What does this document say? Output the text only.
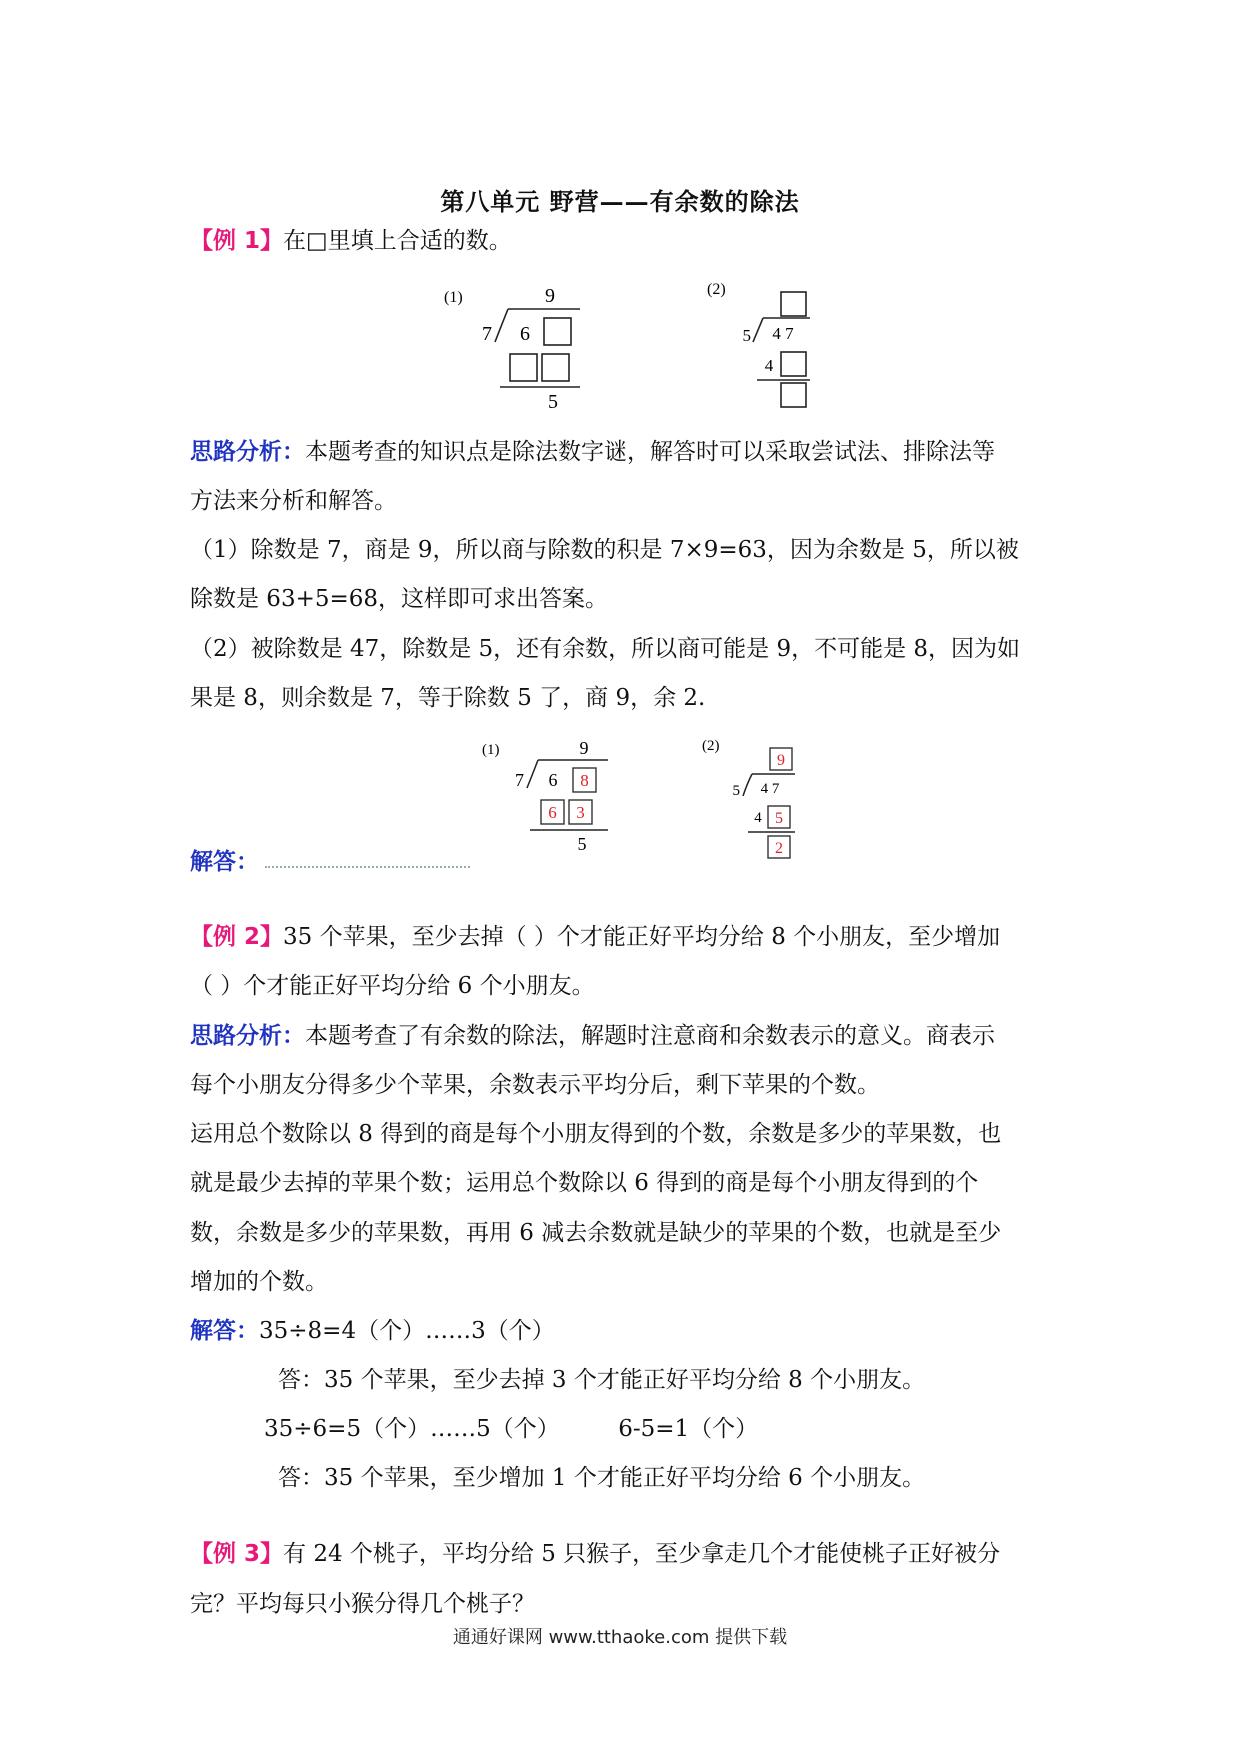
第八单元 野营——有余数的除法
【例 1】在□里填上合适的数。
(1)	9
7 6
5
(2)
5 4 7
4
思路分析：本题考查的知识点是除法数字谜，解答时可以采取尝试法、排除法等
方法来分析和解答。
（1）除数是 7，商是 9，所以商与除数的积是 7×9=63，因为余数是 5，所以被
除数是 63+5=68，这样即可求出答案。
（2）被除数是 47，除数是 5，还有余数，所以商可能是 9，不可能是 8，因为如
果是 8，则余数是 7，等于除数 5 了，商 9，余 2.
(1)	9
7 6 8
6 3
5
(2)
9
5 4 7
4 5
2
解答：
【例 2】35 个苹果，至少去掉（ ）个才能正好平均分给 8 个小朋友，至少增加
（ ）个才能正好平均分给 6 个小朋友。
思路分析：本题考查了有余数的除法，解题时注意商和余数表示的意义。商表示
每个小朋友分得多少个苹果，余数表示平均分后，剩下苹果的个数。
运用总个数除以 8 得到的商是每个小朋友得到的个数，余数是多少的苹果数，也
就是最少去掉的苹果个数；运用总个数除以 6 得到的商是每个小朋友得到的个
数，余数是多少的苹果数，再用 6 减去余数就是缺少的苹果的个数，也就是至少
增加的个数。
解答：35÷8=4（个）……3（个）
答：35 个苹果，至少去掉 3 个才能正好平均分给 8 个小朋友。
35÷6=5（个）……5（个）        6-5=1（个）
答：35 个苹果，至少增加 1 个才能正好平均分给 6 个小朋友。
【例 3】有 24 个桃子，平均分给 5 只猴子，至少拿走几个才能使桃子正好被分
完？平均每只小猴分得几个桃子？
通通好课网 www.tthaoke.com 提供下载
